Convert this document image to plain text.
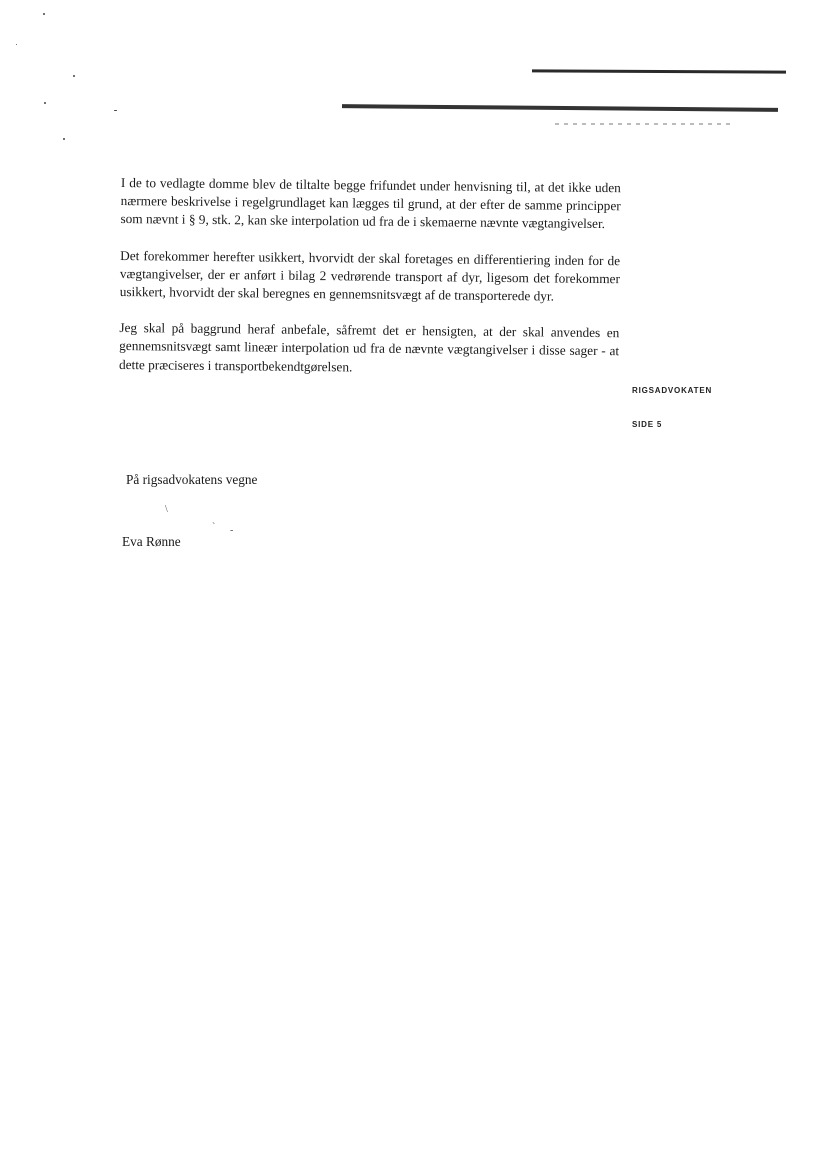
I de to vedlagte domme blev de tiltalte begge frifundet under henvisning til, at det ikke uden nærmere beskrivelse i regelgrundlaget kan lægges til grund, at der efter de samme principper som nævnt i § 9, stk. 2, kan ske interpolation ud fra de i skemaerne nævnte vægtangivelser.

Det forekommer herefter usikkert, hvorvidt der skal foretages en differentiering inden for de vægtangivelser, der er anført i bilag 2 vedrørende transport af dyr, ligesom det forekommer usikkert, hvorvidt der skal beregnes en gennemsnitsvægt af de transporterede dyr.

Jeg skal på baggrund heraf anbefale, såfremt det er hensigten, at der skal anvendes en gennemsnitsvægt samt lineær interpolation ud fra de nævnte vægtangivelser i disse sager - at dette præciseres i transportbekendtgørelsen.

RIGSADVOKATEN
SIDE 5
På rigsadvokatens vegne
\
` -
Eva Rønne
